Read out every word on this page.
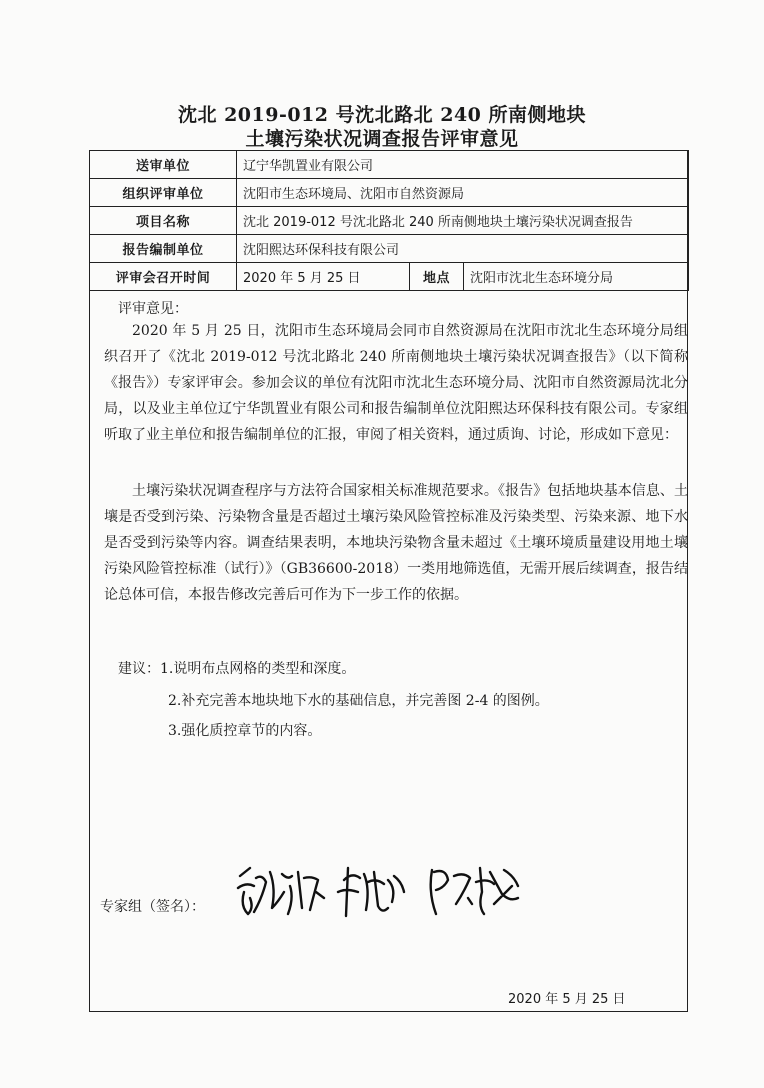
沈北 2019-012 号沈北路北 240 所南侧地块
土壤污染状况调查报告评审意见
送审单位	辽宁华凯置业有限公司		
组织评审单位	沈阳市生态环境局、沈阳市自然资源局		
项目名称	沈北 2019-012 号沈北路北 240 所南侧地块土壤污染状况调查报告		
报告编制单位	沈阳熙达环保科技有限公司		
评审会召开时间	2020 年 5 月 25 日	地点	沈阳市沈北生态环境分局
评审意见：
2020 年 5 月 25 日，沈阳市生态环境局会同市自然资源局在沈阳市沈北生态环境分局组织召开了《沈北 2019-012 号沈北路北 240 所南侧地块土壤污染状况调查报告》（以下简称《报告》）专家评审会。参加会议的单位有沈阳市沈北生态环境分局、沈阳市自然资源局沈北分局，以及业主单位辽宁华凯置业有限公司和报告编制单位沈阳熙达环保科技有限公司。专家组听取了业主单位和报告编制单位的汇报，审阅了相关资料，通过质询、讨论，形成如下意见：
土壤污染状况调查程序与方法符合国家相关标准规范要求。《报告》包括地块基本信息、土壤是否受到污染、污染物含量是否超过土壤污染风险管控标准及污染类型、污染来源、地下水是否受到污染等内容。调查结果表明，本地块污染物含量未超过《土壤环境质量建设用地土壤污染风险管控标准（试行）》（GB36600-2018）一类用地筛选值，无需开展后续调查，报告结论总体可信，本报告修改完善后可作为下一步工作的依据。
建议：1.说明布点网格的类型和深度。
2.补充完善本地块地下水的基础信息，并完善图 2-4 的图例。
3.强化质控章节的内容。
专家组（签名）：
2020 年 5 月 25 日
